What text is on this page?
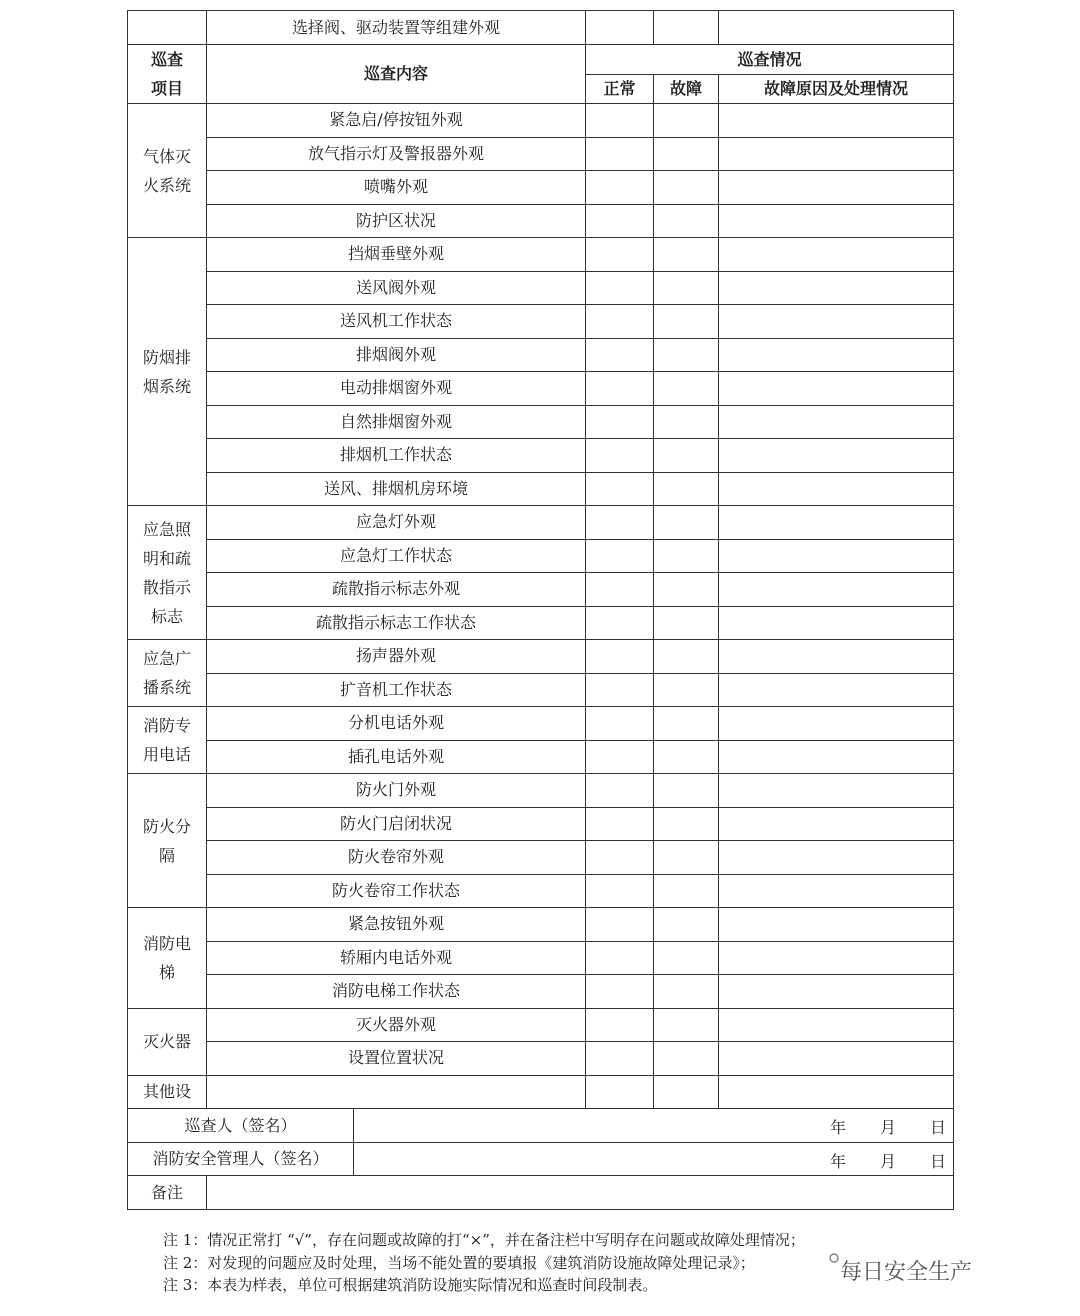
	选择阀、驱动装置等组建外观				

巡查
项目	巡查内容		巡查情况		
			正常	故障	故障原因及处理情况

气体灭
火系统	紧急启/停按钮外观				
	放气指示灯及警报器外观				
	喷嘴外观				
	防护区状况				

防烟排
烟系统	挡烟垂壁外观				
	送风阀外观				
	送风机工作状态				
	排烟阀外观				
	电动排烟窗外观				
	自然排烟窗外观				
	排烟机工作状态				
	送风、排烟机房环境				

应急照
明和疏
散指示
标志	应急灯外观				
	应急灯工作状态				
	疏散指示标志外观				
	疏散指示标志工作状态				

应急广
播系统	扬声器外观				
	扩音机工作状态				

消防专
用电话	分机电话外观				
	插孔电话外观				

防火分
隔	防火门外观				
	防火门启闭状况				
	防火卷帘外观				
	防火卷帘工作状态				

消防电
梯	紧急按钮外观				
	轿厢内电话外观				
	消防电梯工作状态				

灭火器	灭火器外观				
	设置位置状况				

其他设					

巡查人（签名）		年 月 日			

消防安全管理人（签名）		年 月 日			

备注					
注 1：情况正常打 “√”，存在问题或故障的打“×”，并在备注栏中写明存在问题或故障处理情况；
注 2：对发现的问题应及时处理，当场不能处置的要填报《建筑消防设施故障处理记录》；
注 3：本表为样表，单位可根据建筑消防设施实际情况和巡查时间段制表。	每日安全生产
